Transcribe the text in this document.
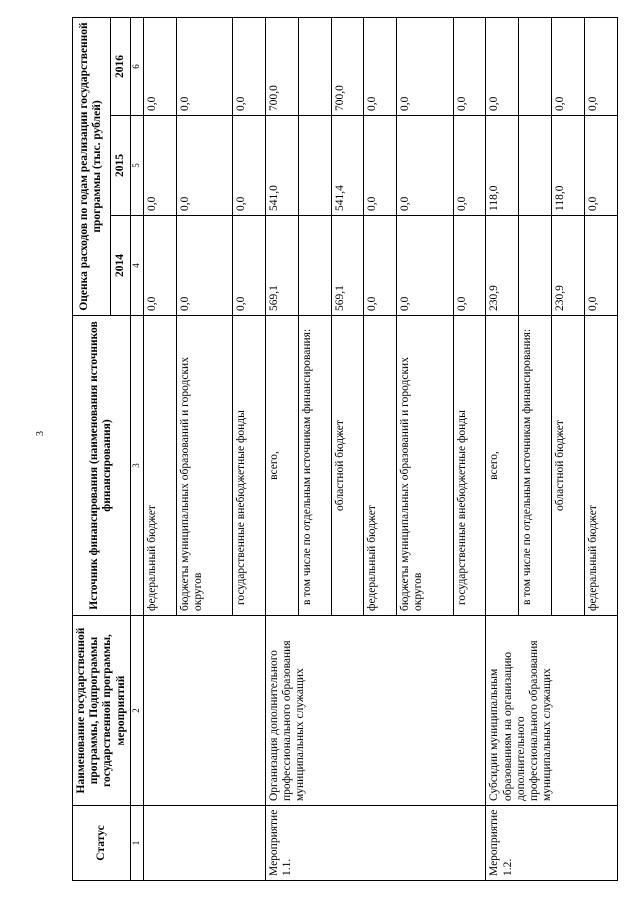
3
Статус	Наименование государственной программы, Подпрограммы государственной программы, мероприятий	Источник финансирования (наименования источников финансирования)	Оценка расходов по годам реализации государственной программы (тыс. рублей)		
			2014	2015	2016
1	2	3	4	5	6
		федеральный бюджет	0,0	0,0	0,0
		бюджеты муниципальных образований и городских округов	0,0	0,0	0,0
		государственные внебюджетные фонды	0,0	0,0	0,0
Мероприятие 1.1.	Организация дополнительного профессионального образования муниципальных служащих	всего,	569,1	541,0	700,0
		в том числе по отдельным источникам финансирования:			
		областной бюджет	569,1	541,4	700,0
		федеральный бюджет	0,0	0,0	0,0
		бюджеты муниципальных образований и городских округов	0,0	0,0	0,0
		государственные внебюджетные фонды	0,0	0,0	0,0
Мероприятие 1.2.	Субсидии муниципальным образованиям на организацию дополнительного профессионального образования муниципальных служащих	всего,	230,9	118,0	0,0
		в том числе по отдельным источникам финансирования:			
		областной бюджет	230,9	118,0	0,0
		федеральный бюджет	0,0	0,0	0,0
